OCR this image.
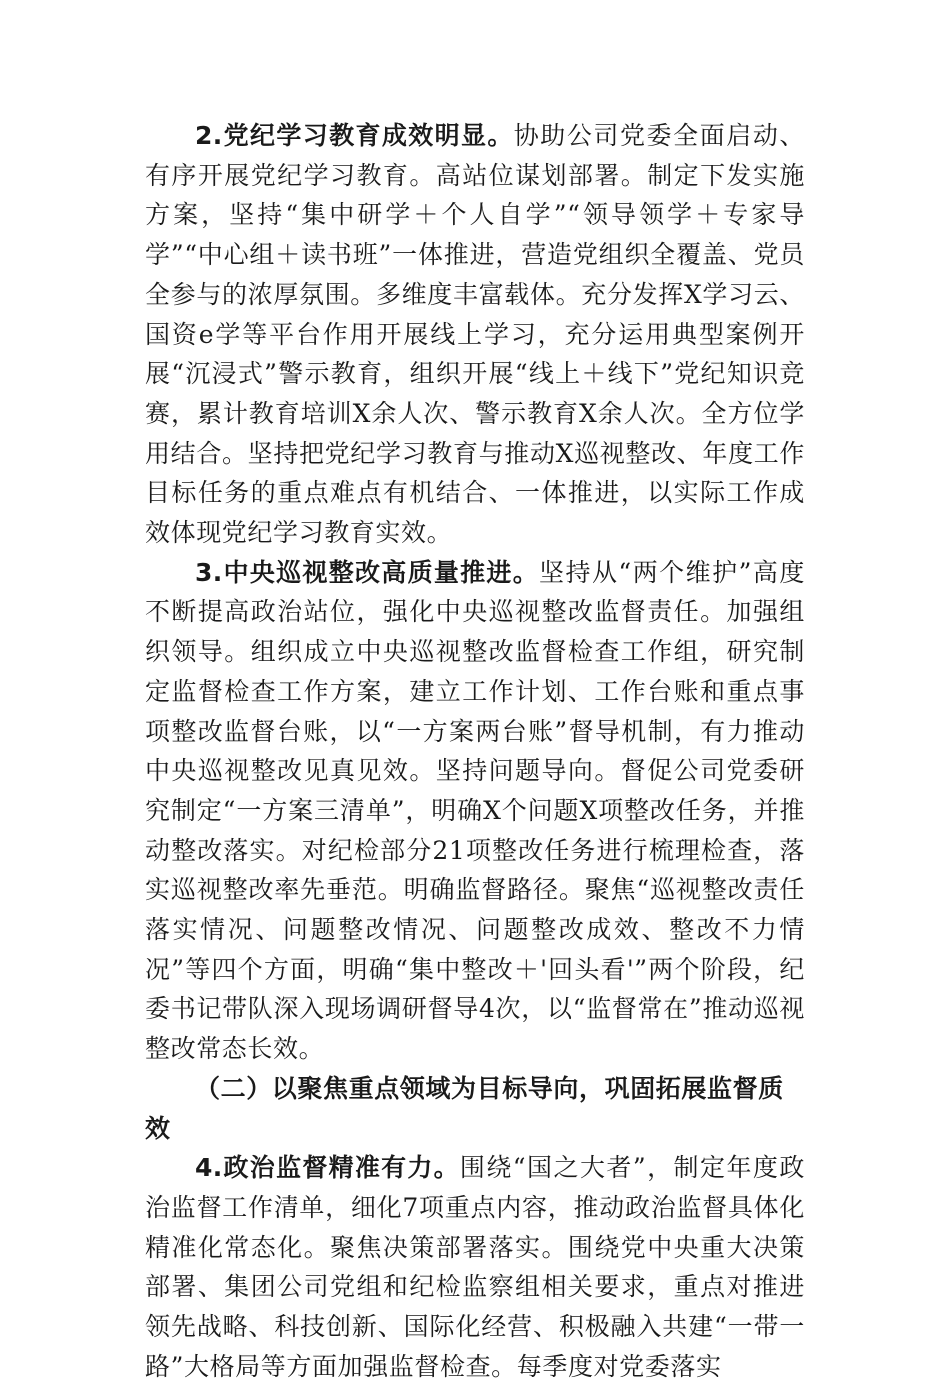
2.党纪学习教育成效明显。协助公司党委全面启动、有序开展党纪学习教育。高站位谋划部署。制定下发实施方案，坚持“集中研学＋个人自学”“领导领学＋专家导学”“中心组＋读书班”一体推进，营造党组织全覆盖、党员全参与的浓厚氛围。多维度丰富载体。充分发挥X学习云、国资e学等平台作用开展线上学习，充分运用典型案例开展“沉浸式”警示教育，组织开展“线上＋线下”党纪知识竞赛，累计教育培训X余人次、警示教育X余人次。全方位学用结合。坚持把党纪学习教育与推动X巡视整改、年度工作目标任务的重点难点有机结合、一体推进，以实际工作成效体现党纪学习教育实效。

3.中央巡视整改高质量推进。坚持从“两个维护”高度不断提高政治站位，强化中央巡视整改监督责任。加强组织领导。组织成立中央巡视整改监督检查工作组，研究制定监督检查工作方案，建立工作计划、工作台账和重点事项整改监督台账，以“一方案两台账”督导机制，有力推动中央巡视整改见真见效。坚持问题导向。督促公司党委研究制定“一方案三清单”，明确X个问题X项整改任务，并推动整改落实。对纪检部分21项整改任务进行梳理检查，落实巡视整改率先垂范。明确监督路径。聚焦“巡视整改责任落实情况、问题整改情况、问题整改成效、整改不力情况”等四个方面，明确“集中整改＋'回头看'”两个阶段，纪委书记带队深入现场调研督导4次，以“监督常在”推动巡视整改常态长效。

（二）以聚焦重点领域为目标导向，巩固拓展监督质效

4.政治监督精准有力。围绕“国之大者”，制定年度政治监督工作清单，细化7项重点内容，推动政治监督具体化精准化常态化。聚焦决策部署落实。围绕党中央重大决策部署、集团公司党组和纪检监察组相关要求，重点对推进领先战略、科技创新、国际化经营、积极融入共建“一带一路”大格局等方面加强监督检查。每季度对党委落实
